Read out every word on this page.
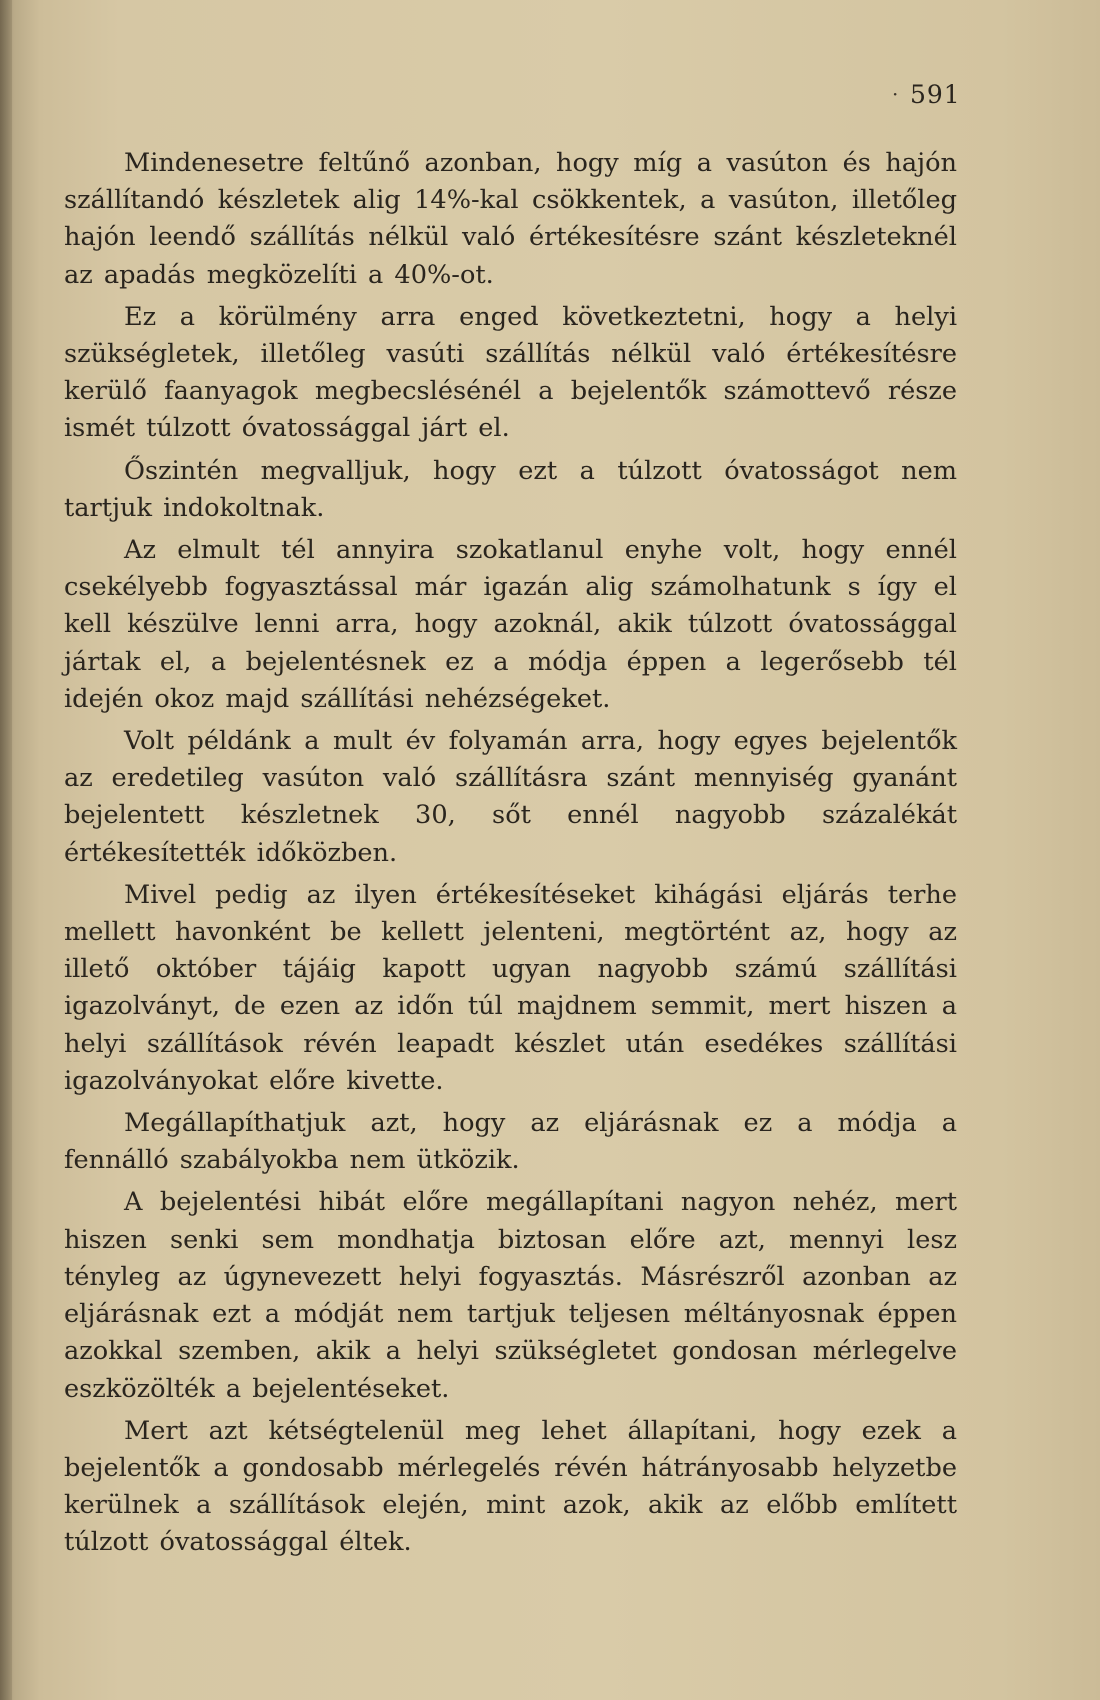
· 591

Mindenesetre feltűnő azonban, hogy míg a vasúton és hajón szállítandó készletek alig 14%-kal csökkentek, a vasúton, illetőleg hajón leendő szállítás nélkül való értékesítésre szánt készleteknél az apadás megközelíti a 40%-ot.

Ez a körülmény arra enged következtetni, hogy a helyi szükségletek, illetőleg vasúti szállítás nélkül való értékesítésre kerülő faanyagok megbecslésénél a bejelentők számottevő része ismét túlzott óvatossággal járt el.

Őszintén megvalljuk, hogy ezt a túlzott óvatosságot nem tartjuk indokoltnak.

Az elmult tél annyira szokatlanul enyhe volt, hogy ennél csekélyebb fogyasztással már igazán alig számolhatunk s így el kell készülve lenni arra, hogy azoknál, akik túlzott óvatossággal jártak el, a bejelentésnek ez a módja éppen a legerősebb tél idején okoz majd szállítási nehézségeket.

Volt példánk a mult év folyamán arra, hogy egyes bejelentők az eredetileg vasúton való szállításra szánt mennyiség gyanánt bejelentett készletnek 30, sőt ennél nagyobb százalékát értékesítették időközben.

Mivel pedig az ilyen értékesítéseket kihágási eljárás terhe mellett havonként be kellett jelenteni, megtörtént az, hogy az illető október tájáig kapott ugyan nagyobb számú szállítási igazolványt, de ezen az időn túl majdnem semmit, mert hiszen a helyi szállítások révén leapadt készlet után esedékes szállítási igazolványokat előre kivette.

Megállapíthatjuk azt, hogy az eljárásnak ez a módja a fennálló szabályokba nem ütközik.

A bejelentési hibát előre megállapítani nagyon nehéz, mert hiszen senki sem mondhatja biztosan előre azt, mennyi lesz tényleg az úgynevezett helyi fogyasztás. Másrészről azonban az eljárásnak ezt a módját nem tartjuk teljesen méltányosnak éppen azokkal szemben, akik a helyi szükségletet gondosan mérlegelve eszközölték a bejelentéseket.

Mert azt kétségtelenül meg lehet állapítani, hogy ezek a bejelentők a gondosabb mérlegelés révén hátrányosabb helyzetbe kerülnek a szállítások elején, mint azok, akik az előbb említett túlzott óvatossággal éltek.
